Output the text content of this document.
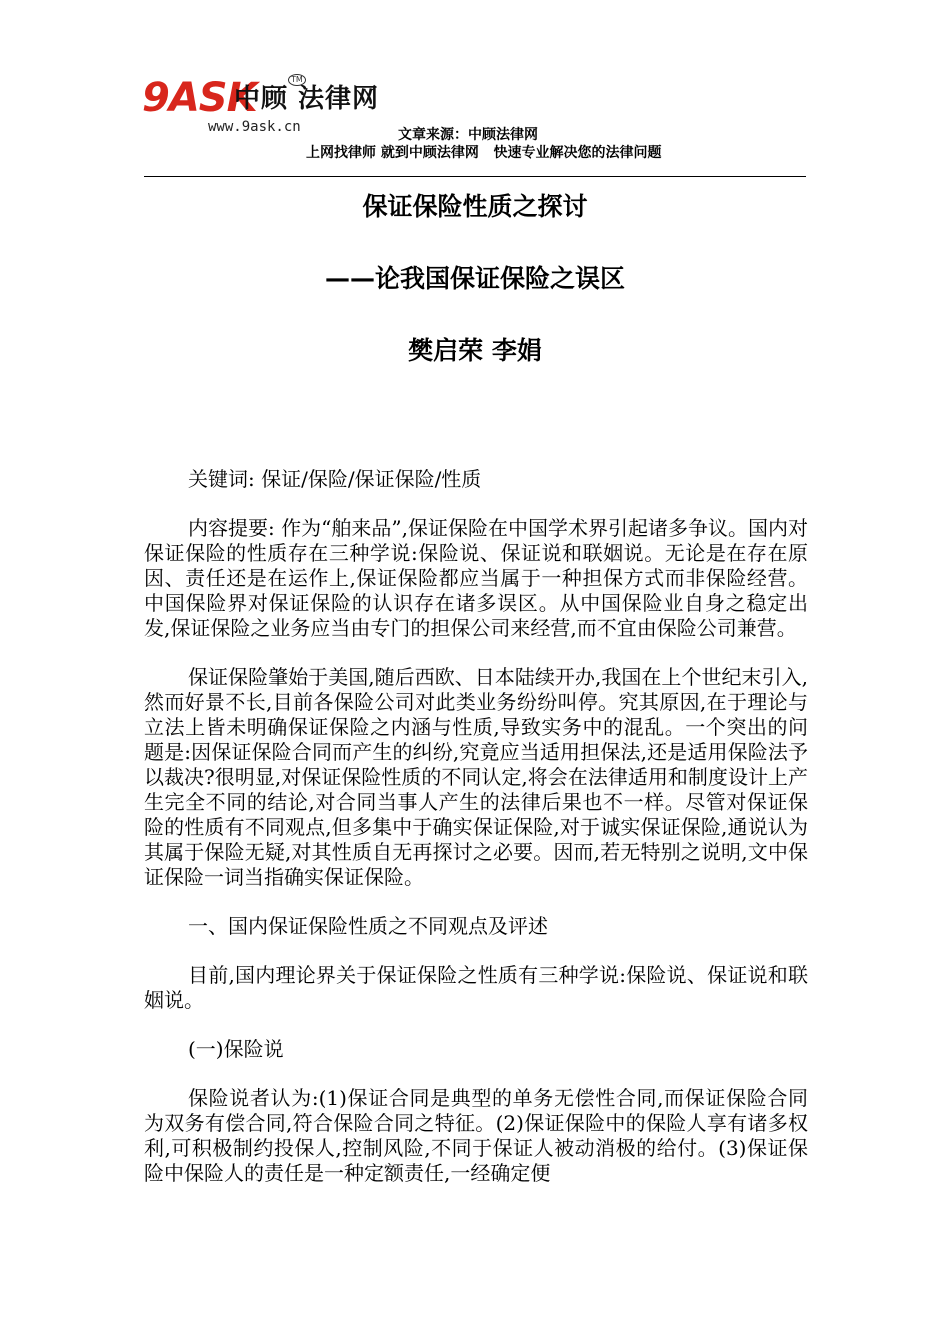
9ASK
中顾 法律网
TM
www.9ask.cn	文章来源：中顾法律网
上网找律师 就到中顾法律网   快速专业解决您的法律问题
保证保险性质之探讨
——论我国保证保险之误区
樊启荣 李娟

关键词: 保证/保险/保证保险/性质

内容提要: 作为“舶来品”,保证保险在中国学术界引起诸多争议。国内对保证保险的性质存在三种学说:保险说、保证说和联姻说。无论是在存在原因、责任还是在运作上,保证保险都应当属于一种担保方式而非保险经营。中国保险界对保证保险的认识存在诸多误区。从中国保险业自身之稳定出发,保证保险之业务应当由专门的担保公司来经营,而不宜由保险公司兼营。

保证保险肇始于美国,随后西欧、日本陆续开办,我国在上个世纪末引入,然而好景不长,目前各保险公司对此类业务纷纷叫停。究其原因,在于理论与立法上皆未明确保证保险之内涵与性质,导致实务中的混乱。一个突出的问题是:因保证保险合同而产生的纠纷,究竟应当适用担保法,还是适用保险法予以裁决?很明显,对保证保险性质的不同认定,将会在法律适用和制度设计上产生完全不同的结论,对合同当事人产生的法律后果也不一样。尽管对保证保险的性质有不同观点,但多集中于确实保证保险,对于诚实保证保险,通说认为其属于保险无疑,对其性质自无再探讨之必要。因而,若无特别之说明,文中保证保险一词当指确实保证保险。

一、国内保证保险性质之不同观点及评述

目前,国内理论界关于保证保险之性质有三种学说:保险说、保证说和联姻说。

(一)保险说

保险说者认为:(1)保证合同是典型的单务无偿性合同,而保证保险合同为双务有偿合同,符合保险合同之特征。(2)保证保险中的保险人享有诸多权利,可积极制约投保人,控制风险,不同于保证人被动消极的给付。(3)保证保险中保险人的责任是一种定额责任,一经确定便
